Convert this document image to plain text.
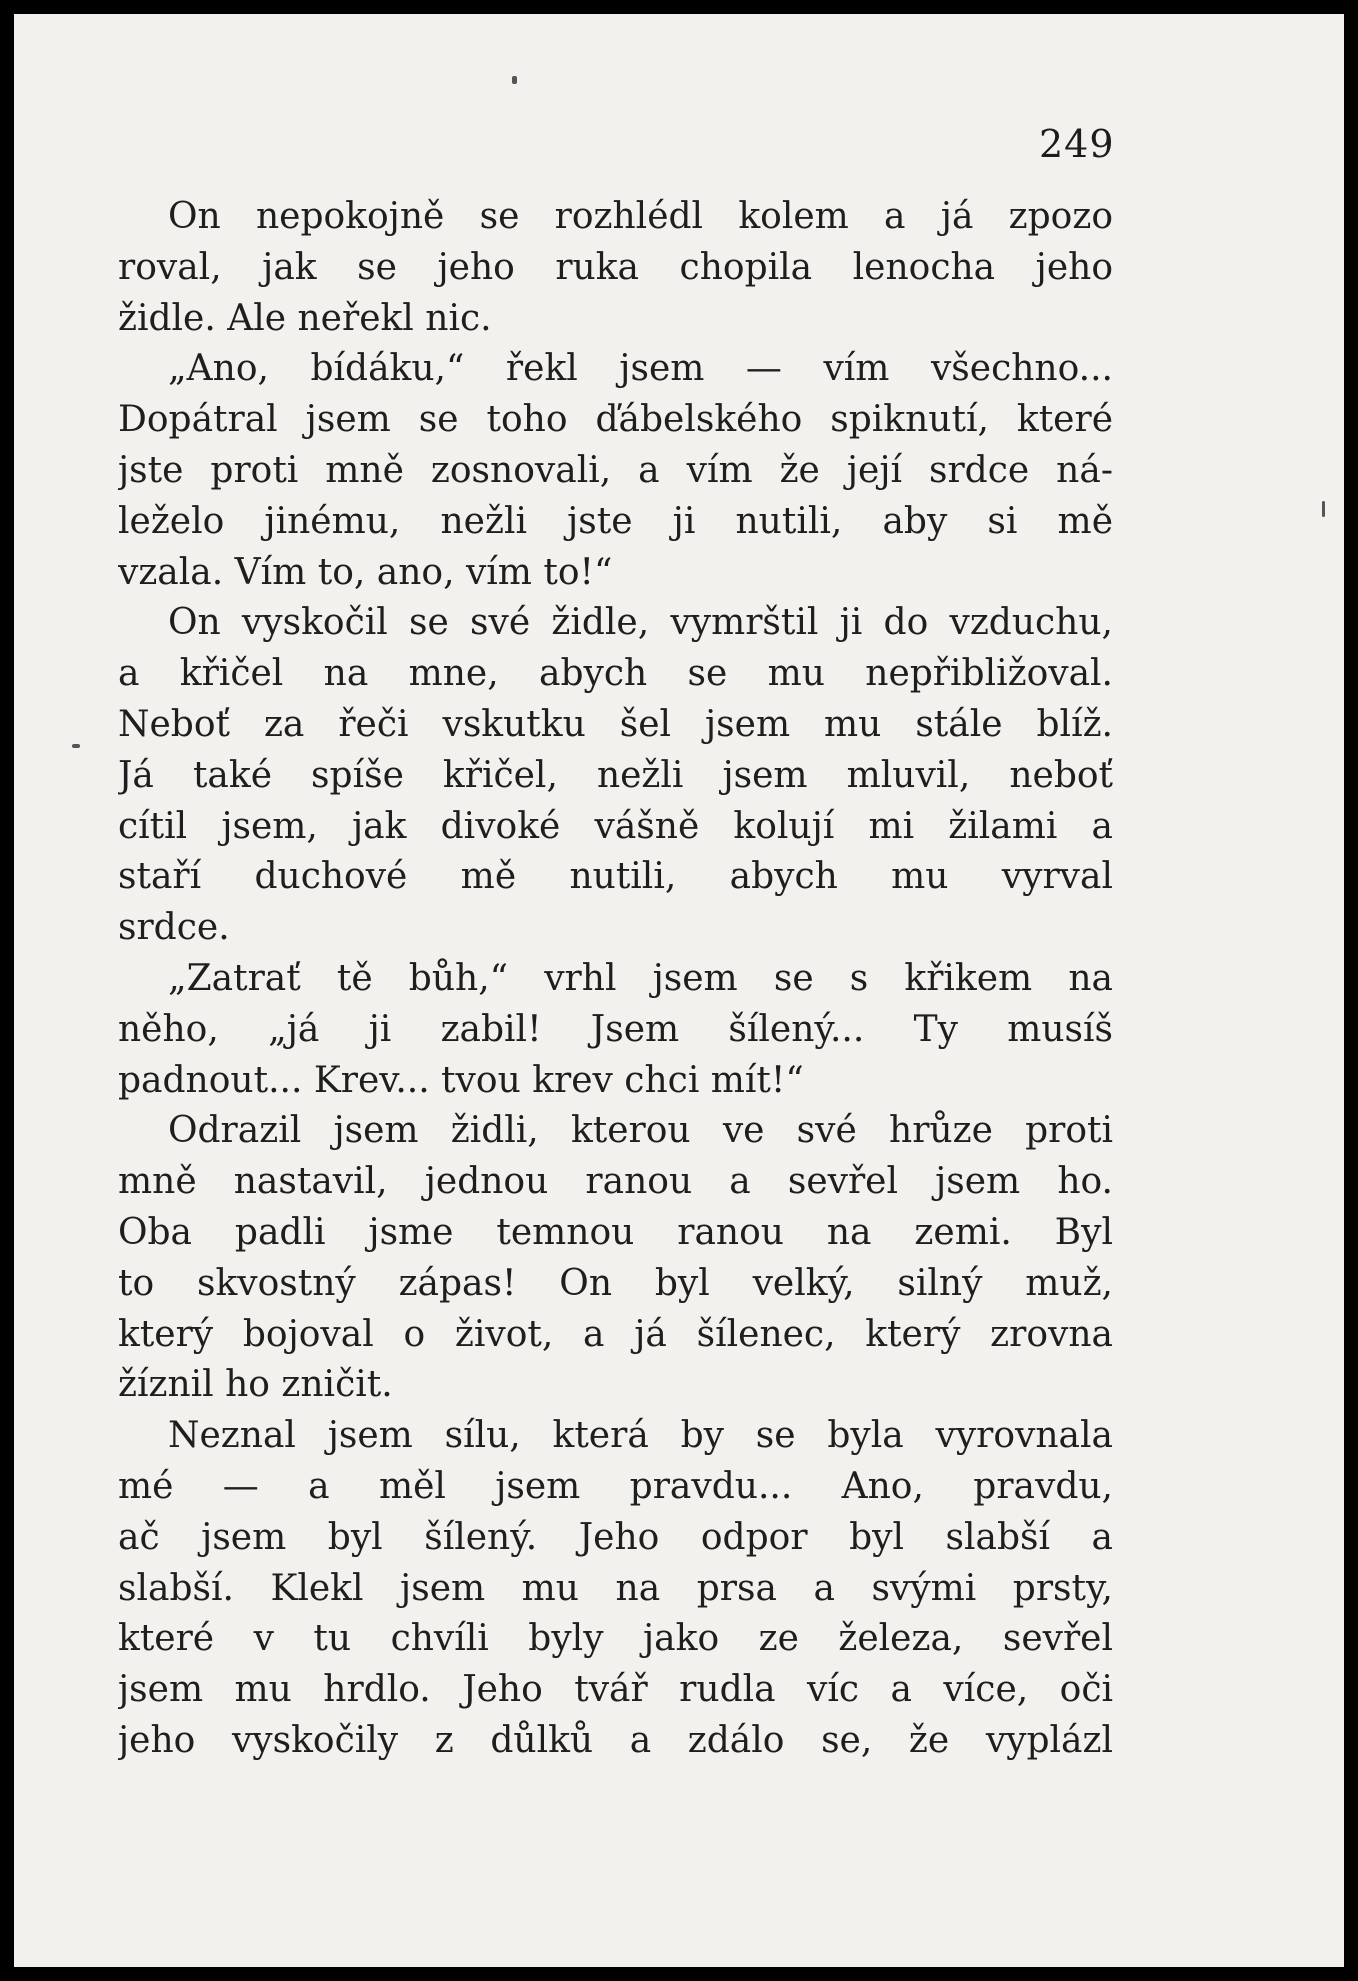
249
On nepokojně se rozhlédl kolem a já zpozo
roval, jak se jeho ruka chopila lenocha jeho
židle. Ale neřekl nic.
„Ano, bídáku,“ řekl jsem — vím všechno...
Dopátral jsem se toho ďábelského spiknutí, které
jste proti mně zosnovali, a vím že její srdce ná-
leželo jinému, nežli jste ji nutili, aby si mě
vzala. Vím to, ano, vím to!“
On vyskočil se své židle, vymrštil ji do vzduchu,
a křičel na mne, abych se mu nepřibližoval.
Neboť za řeči vskutku šel jsem mu stále blíž.
Já také spíše křičel, nežli jsem mluvil, neboť
cítil jsem, jak divoké vášně kolují mi žilami a
staří duchové mě nutili, abych mu vyrval
srdce.
„Zatrať tě bůh,“ vrhl jsem se s křikem na
něho, „já ji zabil! Jsem šílený... Ty musíš
padnout... Krev... tvou krev chci mít!“
Odrazil jsem židli, kterou ve své hrůze proti
mně nastavil, jednou ranou a sevřel jsem ho.
Oba padli jsme temnou ranou na zemi. Byl
to skvostný zápas! On byl velký, silný muž,
který bojoval o život, a já šílenec, který zrovna
žíznil ho zničit.
Neznal jsem sílu, která by se byla vyrovnala
mé — a měl jsem pravdu... Ano, pravdu,
ač jsem byl šílený. Jeho odpor byl slabší a
slabší. Klekl jsem mu na prsa a svými prsty,
které v tu chvíli byly jako ze železa, sevřel
jsem mu hrdlo. Jeho tvář rudla víc a více, oči
jeho vyskočily z důlků a zdálo se, že vyplázl
